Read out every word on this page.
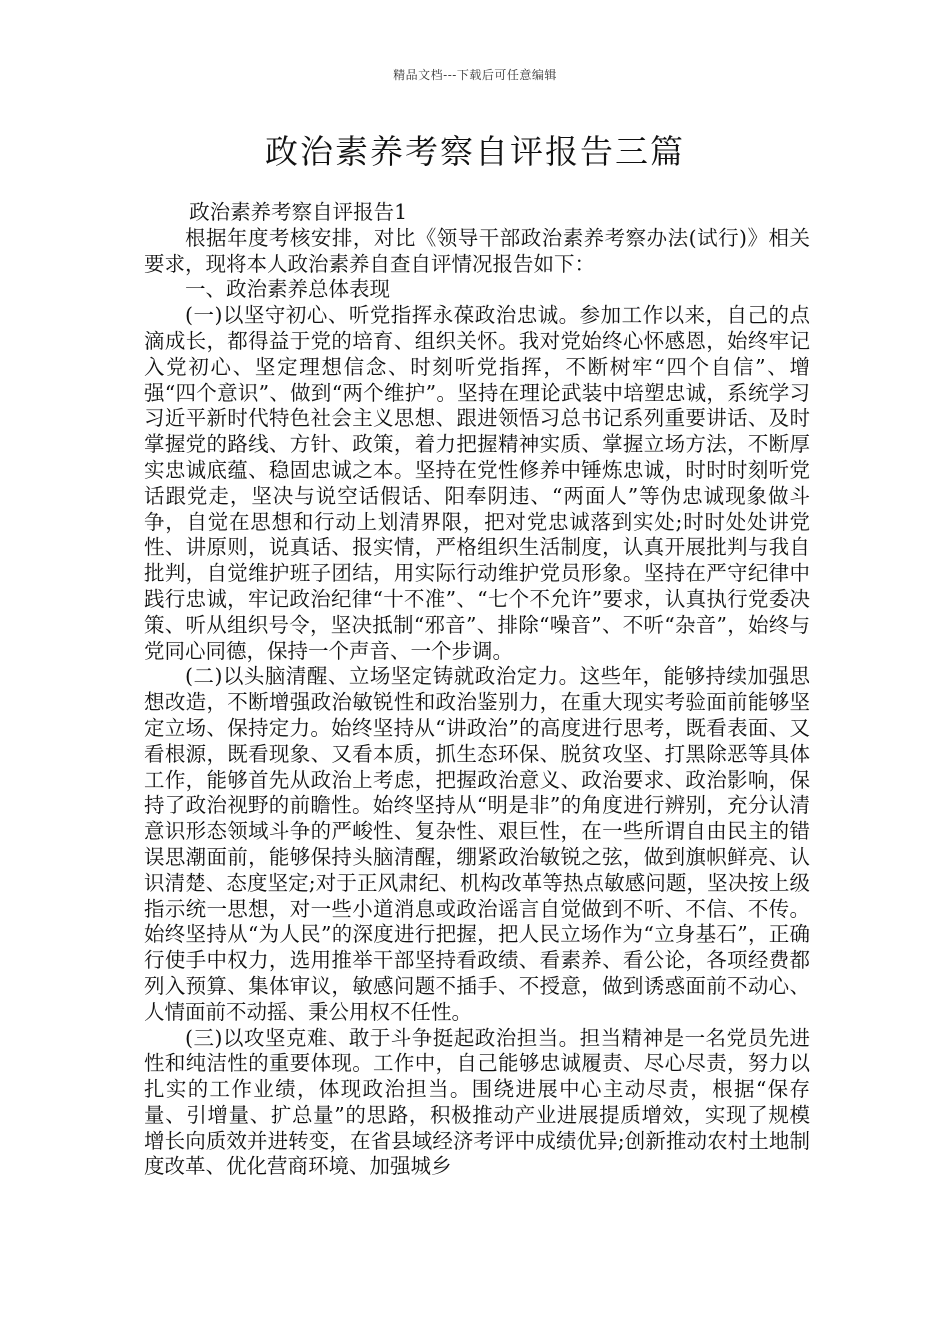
精品文档---下载后可任意编辑
政治素养考察自评报告三篇

政治素养考察自评报告1

根据年度考核安排，对比《领导干部政治素养考察办法(试行)》相关要求，现将本人政治素养自查自评情况报告如下：

一、政治素养总体表现

(一)以坚守初心、听党指挥永葆政治忠诚。参加工作以来，自己的点滴成长，都得益于党的培育、组织关怀。我对党始终心怀感恩，始终牢记入党初心、坚定理想信念、时刻听党指挥，不断树牢“四个自信”、增强“四个意识”、做到“两个维护”。坚持在理论武装中培塑忠诚，系统学习习近平新时代特色社会主义思想、跟进领悟习总书记系列重要讲话、及时掌握党的路线、方针、政策，着力把握精神实质、掌握立场方法，不断厚实忠诚底蕴、稳固忠诚之本。坚持在党性修养中锤炼忠诚，时时时刻听党话跟党走，坚决与说空话假话、阳奉阴违、“两面人”等伪忠诚现象做斗争，自觉在思想和行动上划清界限，把对党忠诚落到实处;时时处处讲党性、讲原则，说真话、报实情，严格组织生活制度，认真开展批判与我自批判，自觉维护班子团结，用实际行动维护党员形象。坚持在严守纪律中践行忠诚，牢记政治纪律“十不准”、“七个不允许”要求，认真执行党委决策、听从组织号令，坚决抵制“邪音”、排除“噪音”、不听“杂音”，始终与党同心同德，保持一个声音、一个步调。

(二)以头脑清醒、立场坚定铸就政治定力。这些年，能够持续加强思想改造，不断增强政治敏锐性和政治鉴别力，在重大现实考验面前能够坚定立场、保持定力。始终坚持从“讲政治”的高度进行思考，既看表面、又看根源，既看现象、又看本质，抓生态环保、脱贫攻坚、打黑除恶等具体工作，能够首先从政治上考虑，把握政治意义、政治要求、政治影响，保持了政治视野的前瞻性。始终坚持从“明是非”的角度进行辨别，充分认清意识形态领域斗争的严峻性、复杂性、艰巨性，在一些所谓自由民主的错误思潮面前，能够保持头脑清醒，绷紧政治敏锐之弦，做到旗帜鲜亮、认识清楚、态度坚定;对于正风肃纪、机构改革等热点敏感问题，坚决按上级指示统一思想，对一些小道消息或政治谣言自觉做到不听、不信、不传。始终坚持从“为人民”的深度进行把握，把人民立场作为“立身基石”，正确行使手中权力，选用推举干部坚持看政绩、看素养、看公论，各项经费都列入预算、集体审议，敏感问题不插手、不授意，做到诱惑面前不动心、人情面前不动摇、秉公用权不任性。

(三)以攻坚克难、敢于斗争挺起政治担当。担当精神是一名党员先进性和纯洁性的重要体现。工作中，自己能够忠诚履责、尽心尽责，努力以扎实的工作业绩，体现政治担当。围绕进展中心主动尽责，根据“保存量、引增量、扩总量”的思路，积极推动产业进展提质增效，实现了规模增长向质效并进转变，在省县域经济考评中成绩优异;创新推动农村土地制度改革、优化营商环境、加强城乡
